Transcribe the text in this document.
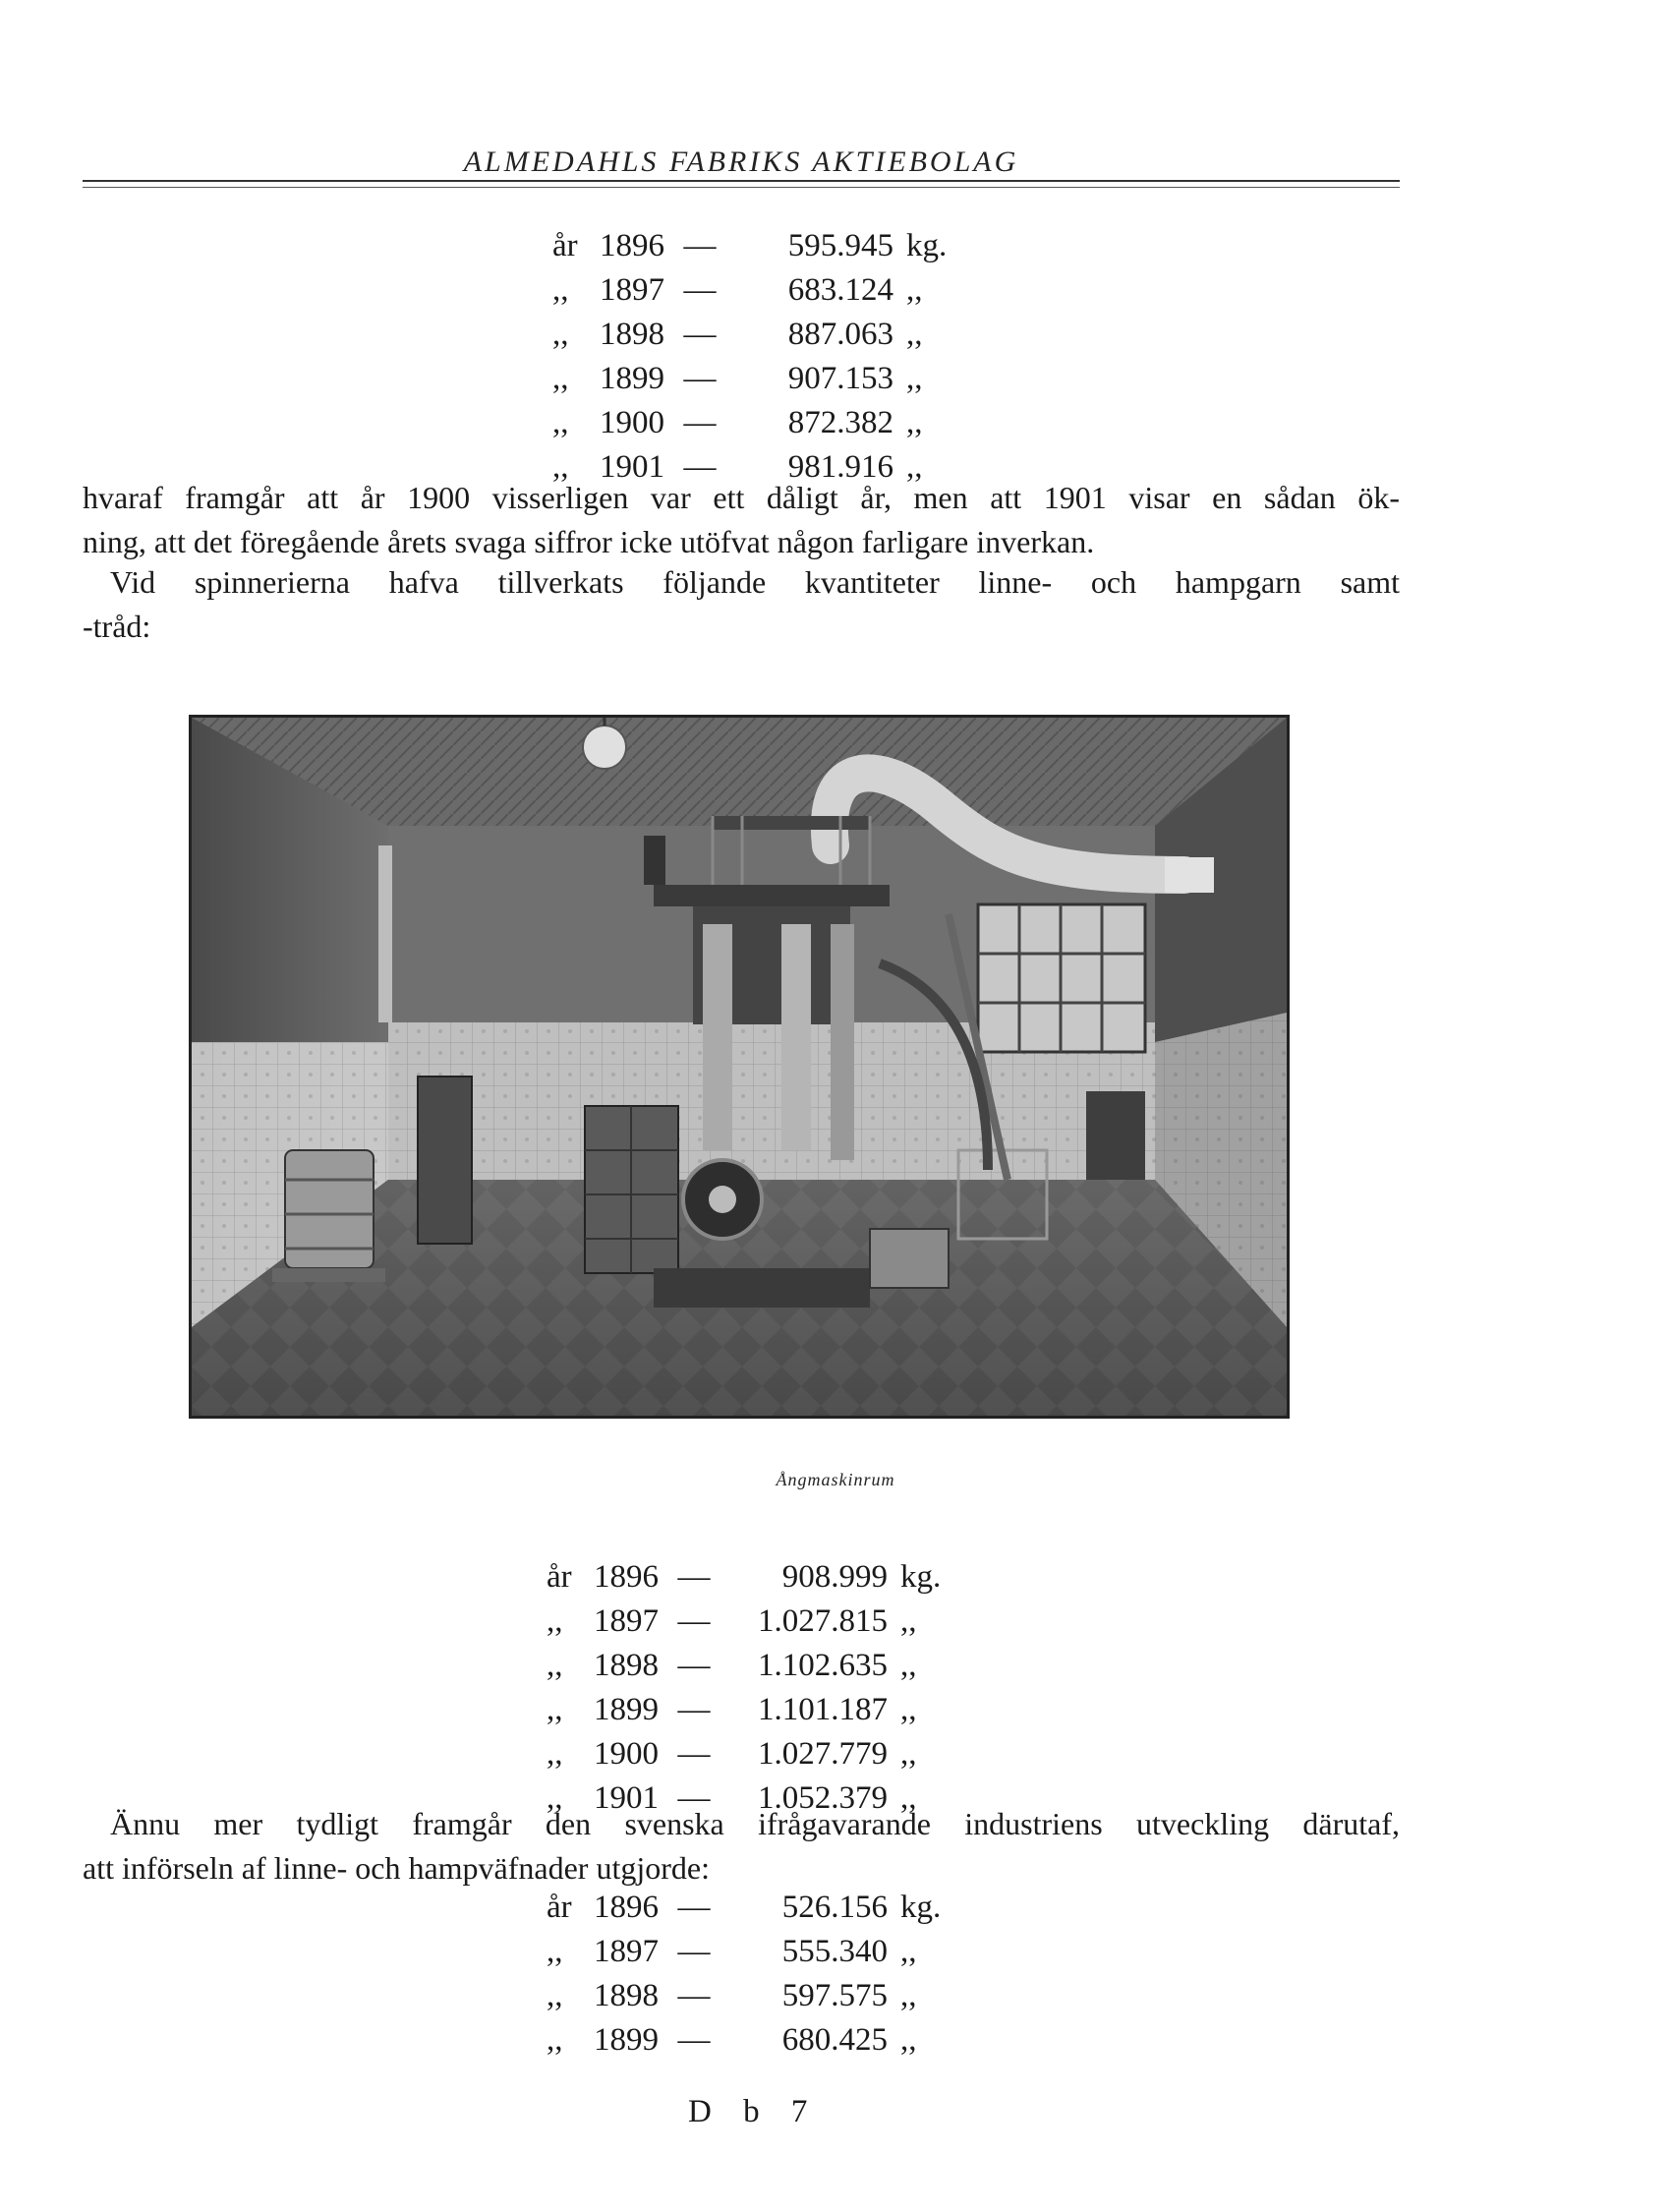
ALMEDAHLS FABRIKS AKTIEBOLAG
år 1896 —	595.945 kg.
,, 1897 —	683.124 ,,
,, 1898 —	887.063 ,,
,, 1899 —	907.153 ,,
,, 1900 —	872.382 ,,
,, 1901 —	981.916 ,,
hvaraf framgår att år 1900 visserligen var ett dåligt år, men att 1901 visar en sådan ök-
ning, att det föregående årets svaga siffror icke utöfvat någon farligare inverkan.
Vid spinnerierna hafva tillverkats följande kvantiteter linne- och hampgarn samt
-tråd:
Ångmaskinrum
år 1896 —	908.999 kg.
,, 1897 —	1.027.815 ,,
,, 1898 —	1.102.635 ,,
,, 1899 —	1.101.187 ,,
,, 1900 —	1.027.779 ,,
,, 1901 —	1.052.379 ,,
Ännu mer tydligt framgår den svenska ifrågavarande industriens utveckling därutaf,
att införseln af linne- och hampväfnader utgjorde:
år 1896 —	526.156 kg.
,, 1897 —	555.340 ,,
,, 1898 —	597.575 ,,
,, 1899 —	680.425 ,,
D b 7
